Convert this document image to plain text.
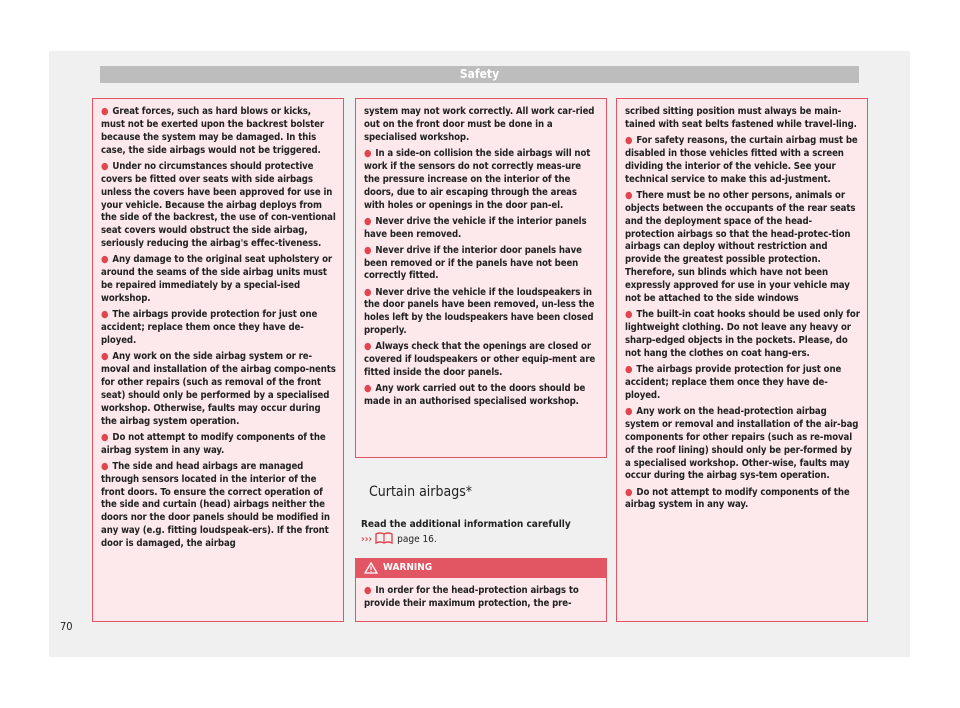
Safety

● Great forces, such as hard blows or kicks, must not be exerted upon the backrest bolster because the system may be damaged. In this case, the side airbags would not be triggered.

● Under no circumstances should protective covers be fitted over seats with side airbags unless the covers have been approved for use in your vehicle. Because the airbag deploys from the side of the backrest, the use of con-ventional seat covers would obstruct the side airbag, seriously reducing the airbag's effec-tiveness.

● Any damage to the original seat upholstery or around the seams of the side airbag units must be repaired immediately by a special-ised workshop.

● The airbags provide protection for just one accident; replace them once they have de-ployed.

● Any work on the side airbag system or re-moval and installation of the airbag compo-nents for other repairs (such as removal of the front seat) should only be performed by a specialised workshop. Otherwise, faults may occur during the airbag system operation.

● Do not attempt to modify components of the airbag system in any way.

● The side and head airbags are managed through sensors located in the interior of the front doors. To ensure the correct operation of the side and curtain (head) airbags neither the doors nor the door panels should be modified in any way (e.g. fitting loudspeak-ers). If the front door is damaged, the airbag

system may not work correctly. All work car-ried out on the front door must be done in a specialised workshop.

● In a side-on collision the side airbags will not work if the sensors do not correctly meas-ure the pressure increase on the interior of the doors, due to air escaping through the areas with holes or openings in the door pan-el.

● Never drive the vehicle if the interior panels have been removed.

● Never drive if the interior door panels have been removed or if the panels have not been correctly fitted.

● Never drive the vehicle if the loudspeakers in the door panels have been removed, un-less the holes left by the loudspeakers have been closed properly.

● Always check that the openings are closed or covered if loudspeakers or other equip-ment are fitted inside the door panels.

● Any work carried out to the doors should be made in an authorised specialised workshop.

Curtain airbags*

Read the additional information carefully
›››	page 16.

● In order for the head-protection airbags to provide their maximum protection, the pre-

WARNING

scribed sitting position must always be main-tained with seat belts fastened while travel-ling.

● For safety reasons, the curtain airbag must be disabled in those vehicles fitted with a screen dividing the interior of the vehicle. See your technical service to make this ad-justment.

● There must be no other persons, animals or objects between the occupants of the rear seats and the deployment space of the head-protection airbags so that the head-protec-tion airbags can deploy without restriction and provide the greatest possible protection. Therefore, sun blinds which have not been expressly approved for use in your vehicle may not be attached to the side windows

● The built-in coat hooks should be used only for lightweight clothing. Do not leave any heavy or sharp-edged objects in the pockets. Please, do not hang the clothes on coat hang-ers.

● The airbags provide protection for just one accident; replace them once they have de-ployed.

● Any work on the head-protection airbag system or removal and installation of the air-bag components for other repairs (such as re-moval of the roof lining) should only be per-formed by a specialised workshop. Other-wise, faults may occur during the airbag sys-tem operation.

● Do not attempt to modify components of the airbag system in any way.

70
